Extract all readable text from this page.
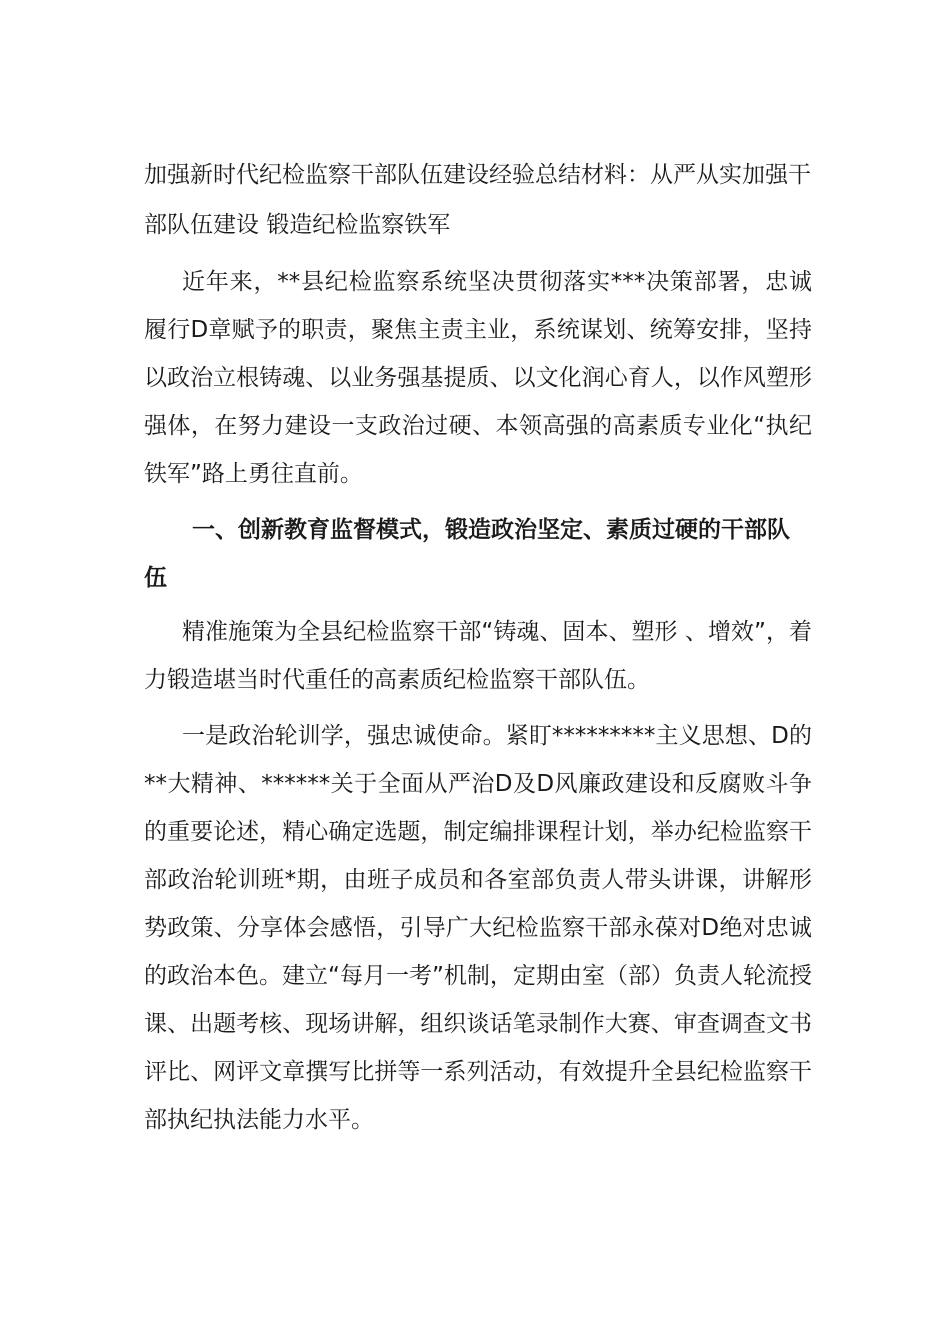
加强新时代纪检监察干部队伍建设经验总结材料：从严从实加强干部队伍建设 锻造纪检监察铁军

近年来，**县纪检监察系统坚决贯彻落实***决策部署，忠诚履行D章赋予的职责，聚焦主责主业，系统谋划、统筹安排，坚持以政治立根铸魂、以业务强基提质、以文化润心育人，以作风塑形强体，在努力建设一支政治过硬、本领高强的高素质专业化“执纪铁军”路上勇往直前。

一、创新教育监督模式，锻造政治坚定、素质过硬的干部队伍

精准施策为全县纪检监察干部“铸魂、固本、塑形 、增效”，着力锻造堪当时代重任的高素质纪检监察干部队伍。

一是政治轮训学，强忠诚使命。紧盯*********主义思想、D的**大精神、******关于全面从严治D及D风廉政建设和反腐败斗争的重要论述，精心确定选题，制定编排课程计划，举办纪检监察干部政治轮训班*期，由班子成员和各室部负责人带头讲课，讲解形势政策、分享体会感悟，引导广大纪检监察干部永葆对D绝对忠诚的政治本色。建立“每月一考”机制，定期由室（部）负责人轮流授课、出题考核、现场讲解，组织谈话笔录制作大赛、审查调查文书评比、网评文章撰写比拼等一系列活动，有效提升全县纪检监察干部执纪执法能力水平。
